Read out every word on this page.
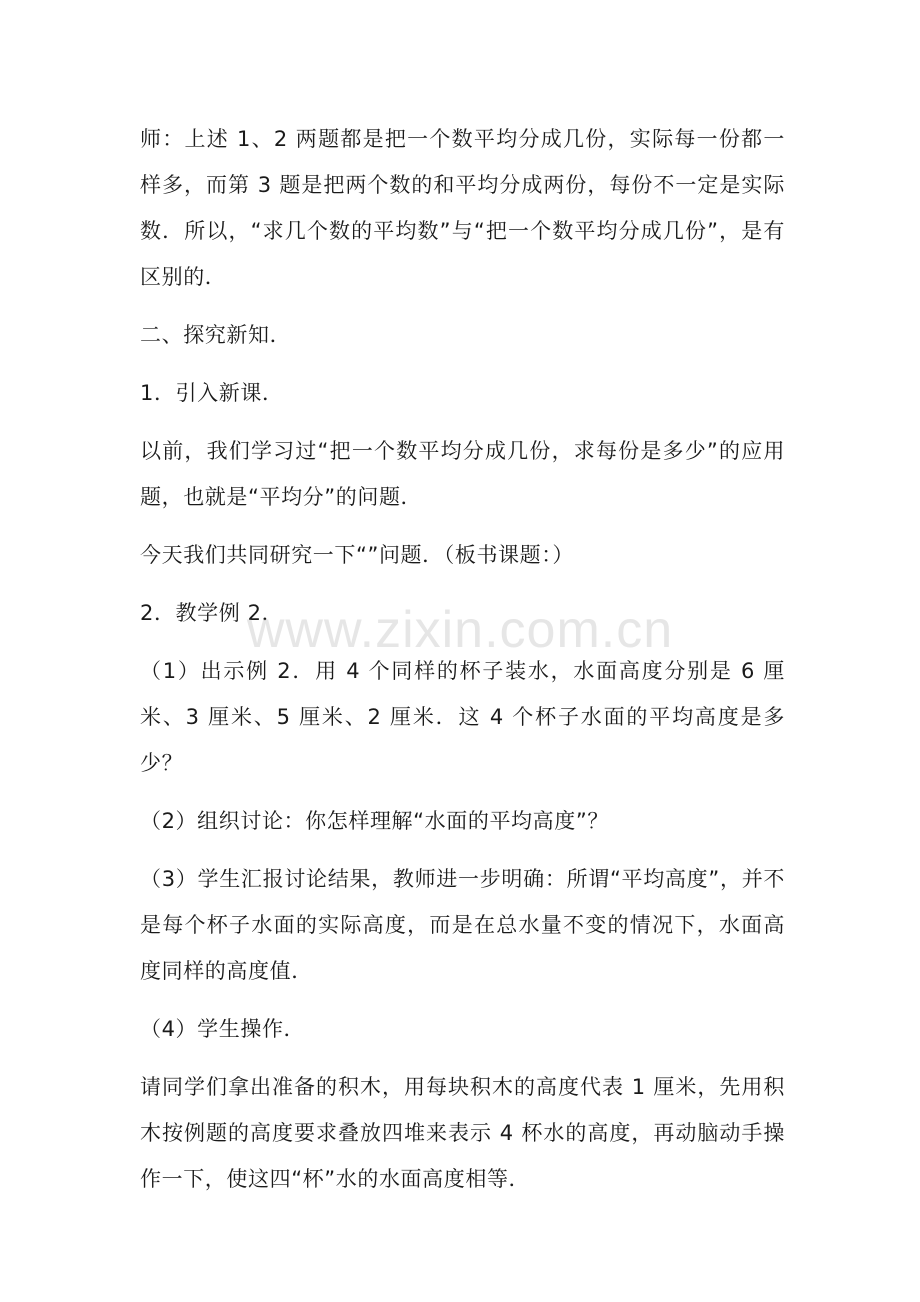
师：上述 1、2 两题都是把一个数平均分成几份，实际每一份都一样多，而第 3 题是把两个数的和平均分成两份，每份不一定是实际数．所以，“求几个数的平均数”与“把一个数平均分成几份”，是有区别的．

二、探究新知．

1．引入新课．

以前，我们学习过“把一个数平均分成几份，求每份是多少”的应用题，也就是“平均分”的问题．

今天我们共同研究一下“”问题．（板书课题：）

2．教学例 2．

（1）出示例 2．用 4 个同样的杯子装水，水面高度分别是 6 厘米、3 厘米、5 厘米、2 厘米．这 4 个杯子水面的平均高度是多少？

（2）组织讨论：你怎样理解“水面的平均高度”？

（3）学生汇报讨论结果，教师进一步明确：所谓“平均高度”，并不是每个杯子水面的实际高度，而是在总水量不变的情况下，水面高度同样的高度值．

（4）学生操作．

请同学们拿出准备的积木，用每块积木的高度代表 1 厘米，先用积木按例题的高度要求叠放四堆来表示 4 杯水的高度，再动脑动手操作一下，使这四“杯”水的水面高度相等．

www.zixin.com.cn
